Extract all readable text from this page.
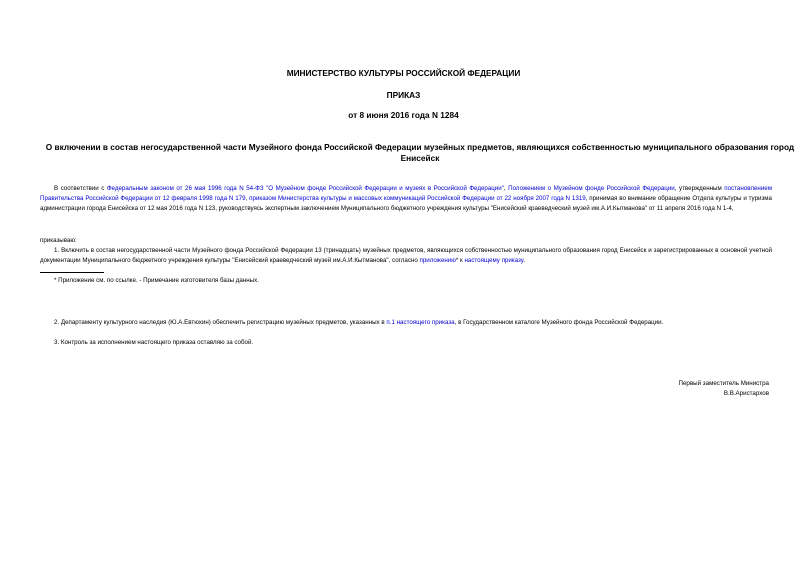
МИНИСТЕРСТВО КУЛЬТУРЫ РОССИЙСКОЙ ФЕДЕРАЦИИ
ПРИКАЗ
от 8 июня 2016 года N 1284
О включении в состав негосударственной части Музейного фонда Российской Федерации музейных предметов, являющихся собственностью муниципального образования город Енисейск
В соответствии с Федеральным законом от 26 мая 1996 года N 54-ФЗ "О Музейном фонде Российской Федерации и музеях в Российской Федерации", Положением о Музейном фонде Российской Федерации, утвержденным постановлением Правительства Российской Федерации от 12 февраля 1998 года N 179, приказом Министерства культуры и массовых коммуникаций Российской Федерации от 22 ноября 2007 года N 1319, принимая во внимание обращение Отдела культуры и туризма администрации города Енисейска от 12 мая 2016 года N 123, руководствуясь экспертным заключением Муниципального бюджетного учреждения культуры "Енисейский краеведческий музей им.А.И.Кытманова" от 11 апреля 2016 года N 1-4,
приказываю:
1. Включить в состав негосударственной части Музейного фонда Российской Федерации 13 (тринадцать) музейных предметов, являющихся собственностью муниципального образования город Енисейск и зарегистрированных в основной учетной документации Муниципального бюджетного учреждения культуры "Енисейский краеведческий музей им.А.И.Кытманова", согласно приложению* к настоящему приказу.
* Приложение см. по ссылке. - Примечание изготовителя базы данных.
2. Департаменту культурного наследия (Ю.А.Евтюхин) обеспечить регистрацию музейных предметов, указанных в п.1 настоящего приказа, в Государственном каталоге Музейного фонда Российской Федерации.
3. Контроль за исполнением настоящего приказа оставляю за собой.
Первый заместитель Министра
В.В.Аристархов
